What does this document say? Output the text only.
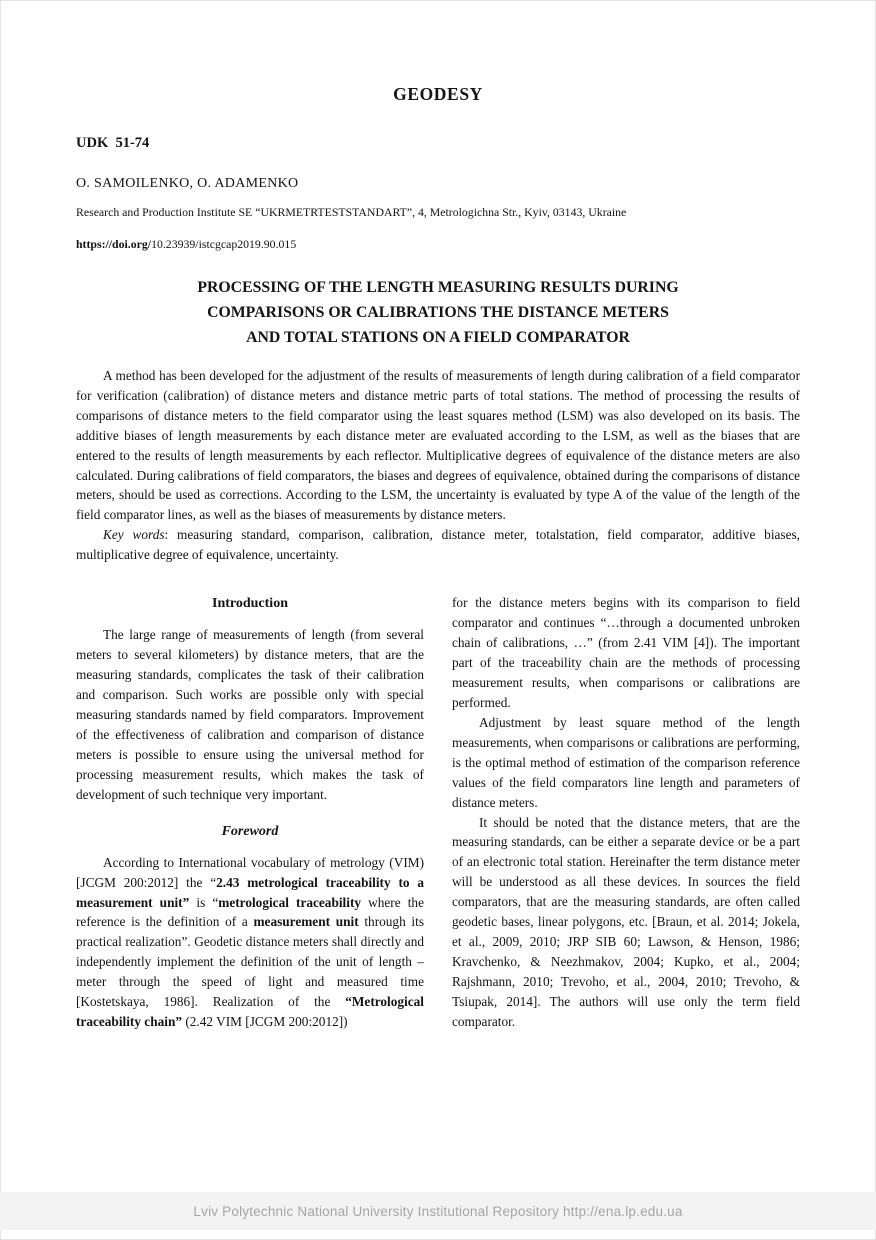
GEODESY
UDK  51-74
O. SAMOILENKO, O. ADAMENKO
Research and Production Institute SE “UKRMETRTESTSTANDART”, 4, Metrologichna Str., Kyiv, 03143, Ukraine
https://doi.org/10.23939/istcgcap2019.90.015
PROCESSING OF THE LENGTH MEASURING RESULTS DURING
COMPARISONS OR CALIBRATIONS THE DISTANCE METERS
AND TOTAL STATIONS ON A FIELD COMPARATOR

A method has been developed for the adjustment of the results of measurements of length during calibration of a field comparator for verification (calibration) of distance meters and distance metric parts of total stations. The method of processing the results of comparisons of distance meters to the field comparator using the least squares method (LSM) was also developed on its basis. The additive biases of length measurements by each distance meter are evaluated according to the LSM, as well as the biases that are entered to the results of length measurements by each reflector. Multiplicative degrees of equivalence of the distance meters are also calculated. During calibrations of field comparators, the biases and degrees of equivalence, obtained during the comparisons of distance meters, should be used as corrections. According to the LSM, the uncertainty is evaluated by type A of the value of the length of the field comparator lines, as well as the biases of measurements by distance meters.

Key words: measuring standard, comparison, calibration, distance meter, totalstation, field comparator, additive biases, multiplicative degree of equivalence, uncertainty.

Introduction

The large range of measurements of length (from several meters to several kilometers) by distance meters, that are the measuring standards, complicates the task of their calibration and comparison. Such works are possible only with special measuring standards named by field comparators. Improvement of the effectiveness of calibration and comparison of distance meters is possible to ensure using the universal method for processing measurement results, which makes the task of development of such technique very important.

Foreword

According to International vocabulary of metrology (VIM) [JCGM 200:2012] the “2.43 metrological traceability to a measurement unit” is “metrological traceability where the reference is the definition of a measurement unit through its practical realization”. Geodetic distance meters shall directly and independently implement the definition of the unit of length – meter through the speed of light and measured time [Kostetskaya, 1986]. Realization of the “Metrological traceability chain” (2.42 VIM [JCGM 200:2012])

for the distance meters begins with its comparison to field comparator and continues “…through a documented unbroken chain of calibrations, …” (from 2.41 VIM [4]). The important part of the traceability chain are the methods of processing measurement results, when comparisons or calibrations are performed.

Adjustment by least square method of the length measurements, when comparisons or calibrations are performing, is the optimal method of estimation of the comparison reference values of the field comparators line length and parameters of distance meters.

It should be noted that the distance meters, that are the measuring standards, can be either a separate device or be a part of an electronic total station. Hereinafter the term distance meter will be understood as all these devices. In sources the field comparators, that are the measuring standards, are often called geodetic bases, linear polygons, etc. [Braun, et al. 2014; Jokela, et al., 2009, 2010; JRP SIB 60; Lawson, & Henson, 1986; Kravchenko, & Neezhmakov, 2004; Kupko, et al., 2004; Rajshmann, 2010; Trevoho, et al., 2004, 2010; Trevoho, & Tsiupak, 2014]. The authors will use only the term field comparator.

Lviv Polytechnic National University Institutional Repository http://ena.lp.edu.ua
